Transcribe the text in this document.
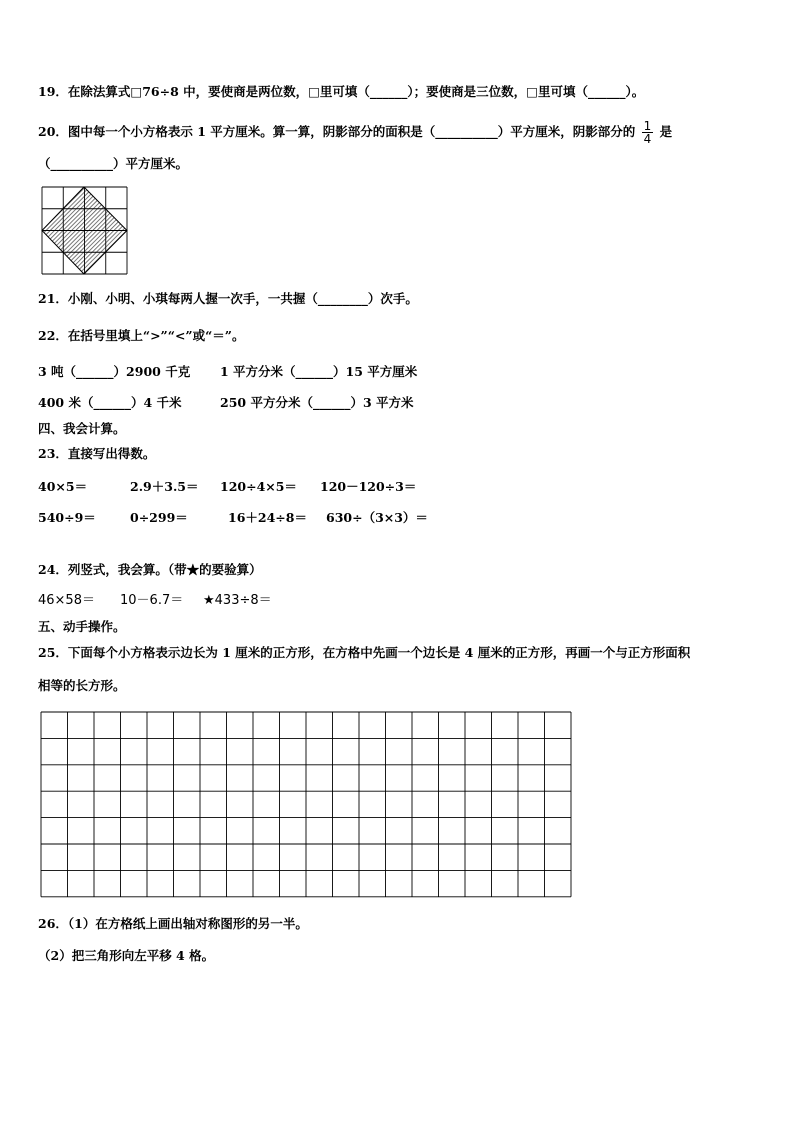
19．在除法算式□76÷8 中，要使商是两位数，□里可填（______）；要使商是三位数，□里可填（______）。
20．图中每一个小方格表示 1 平方厘米。算一算，阴影部分的面积是（__________）平方厘米，阴影部分的 $\frac{1}{4}$ 是
（__________）平方厘米。
21．小刚、小明、小琪每两人握一次手，一共握（________）次手。
22．在括号里填上“>”“<”或“＝”。
3 吨（______）2900 千克 1 平方分米（______）15 平方厘米
400 米（______）4 千米	250 平方分米（______）3 平方米
四、我会计算。
23．直接写出得数。
40×5＝	2.9＋3.5＝ 120÷4×5＝ 120－120÷3＝
540÷9＝	0÷299＝	16＋24÷8＝ 630÷（3×3）＝
24．列竖式，我会算。（带★的要验算）
46×58＝ 10－6.7＝ ★433÷8＝
五、动手操作。
25．下面每个小方格表示边长为 1 厘米的正方形，在方格中先画一个边长是 4 厘米的正方形，再画一个与正方形面积
相等的长方形。
26．（1）在方格纸上画出轴对称图形的另一半。
（2）把三角形向左平移 4 格。
